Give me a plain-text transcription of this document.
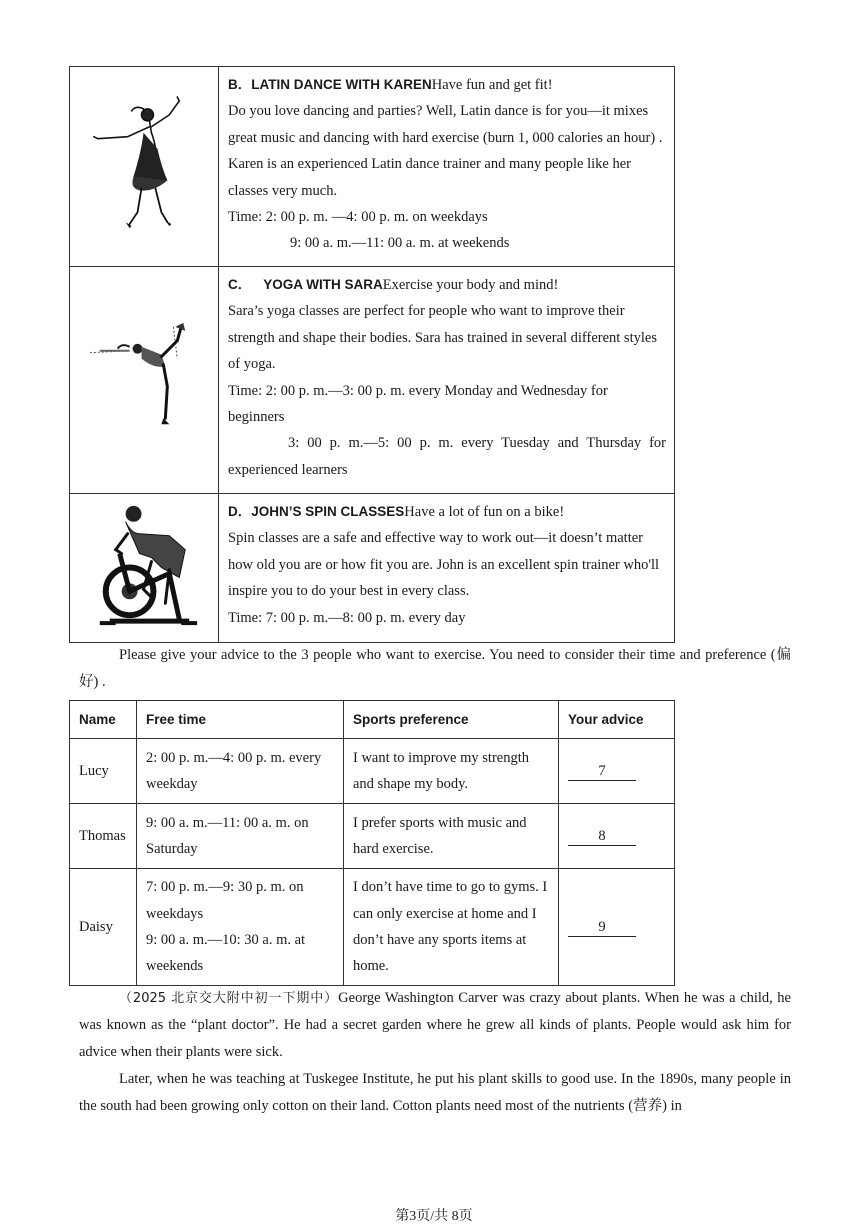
B．LATIN DANCE WITH KARENHave fun and get fit!
Do you love dancing and parties? Well, Latin dance is for you—it mixes great music and dancing with hard exercise (burn 1, 000 calories an hour) . Karen is an experienced Latin dance trainer and many people like her classes very much.
Time: 2: 00 p. m. —4: 00 p. m. on weekdays
9: 00 a. m.—11: 00 a. m. at weekends

C． YOGA WITH SARAExercise your body and mind!
Sara’s yoga classes are perfect for people who want to improve their strength and shape their bodies. Sara has trained in several different styles of yoga.
Time: 2: 00 p. m.—3: 00 p. m. every Monday and Wednesday for beginners
3: 00 p. m.—5: 00 p. m. every Tuesday and Thursday for
experienced learners

D．JOHN’S SPIN CLASSESHave a lot of fun on a bike!
Spin classes are a safe and effective way to work out—it doesn’t matter how old you are or how fit you are. John is an excellent spin trainer who'll inspire you to do your best in every class.
Time: 7: 00 p. m.—8: 00 p. m. every day
Please give your advice to the 3 people who want to exercise. You need to consider their time and preference (偏好) .
Name	Free time	Sports preference	Your advice
Lucy	2: 00 p. m.—4: 00 p. m. every weekday	I want to improve my strength and shape my body.	7
Thomas	9: 00 a. m.—11: 00 a. m. on Saturday	I prefer sports with music and hard exercise.	8
Daisy	7: 00 p. m.—9: 30 p. m. on weekdays
9: 00 a. m.—10: 30 a. m. at weekends	I don’t have time to go to gyms. I can only exercise at home and I don’t have any sports items at home.	9

（2025 北京交大附中初一下期中）George Washington Carver was crazy about plants. When he was a child, he was known as the “plant doctor”. He had a secret garden where he grew all kinds of plants. People would ask him for advice when their plants were sick.

Later, when he was teaching at Tuskegee Institute, he put his plant skills to good use. In the 1890s, many people in the south had been growing only cotton on their land. Cotton plants need most of the nutrients (营养) in

第3页/共 8页
